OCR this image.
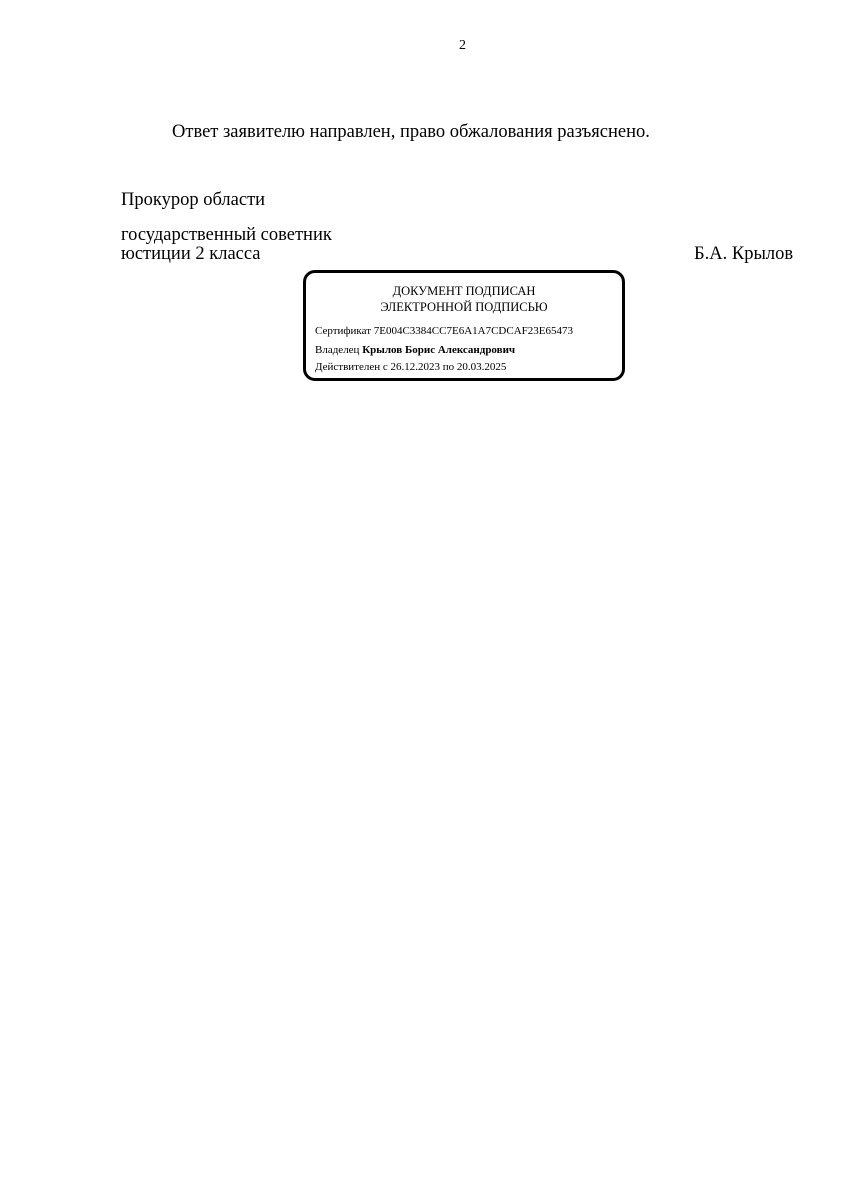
2
Ответ заявителю направлен, право обжалования разъяснено.
Прокурор области
государственный советник
юстиции 2 класса	Б.А. Крылов
ДОКУМЕНТ ПОДПИСАН
ЭЛЕКТРОННОЙ ПОДПИСЬЮ
Сертификат 7E004C3384CC7E6A1A7CDCAF23E65473
Владелец Крылов Борис Александрович
Действителен с 26.12.2023 по 20.03.2025
